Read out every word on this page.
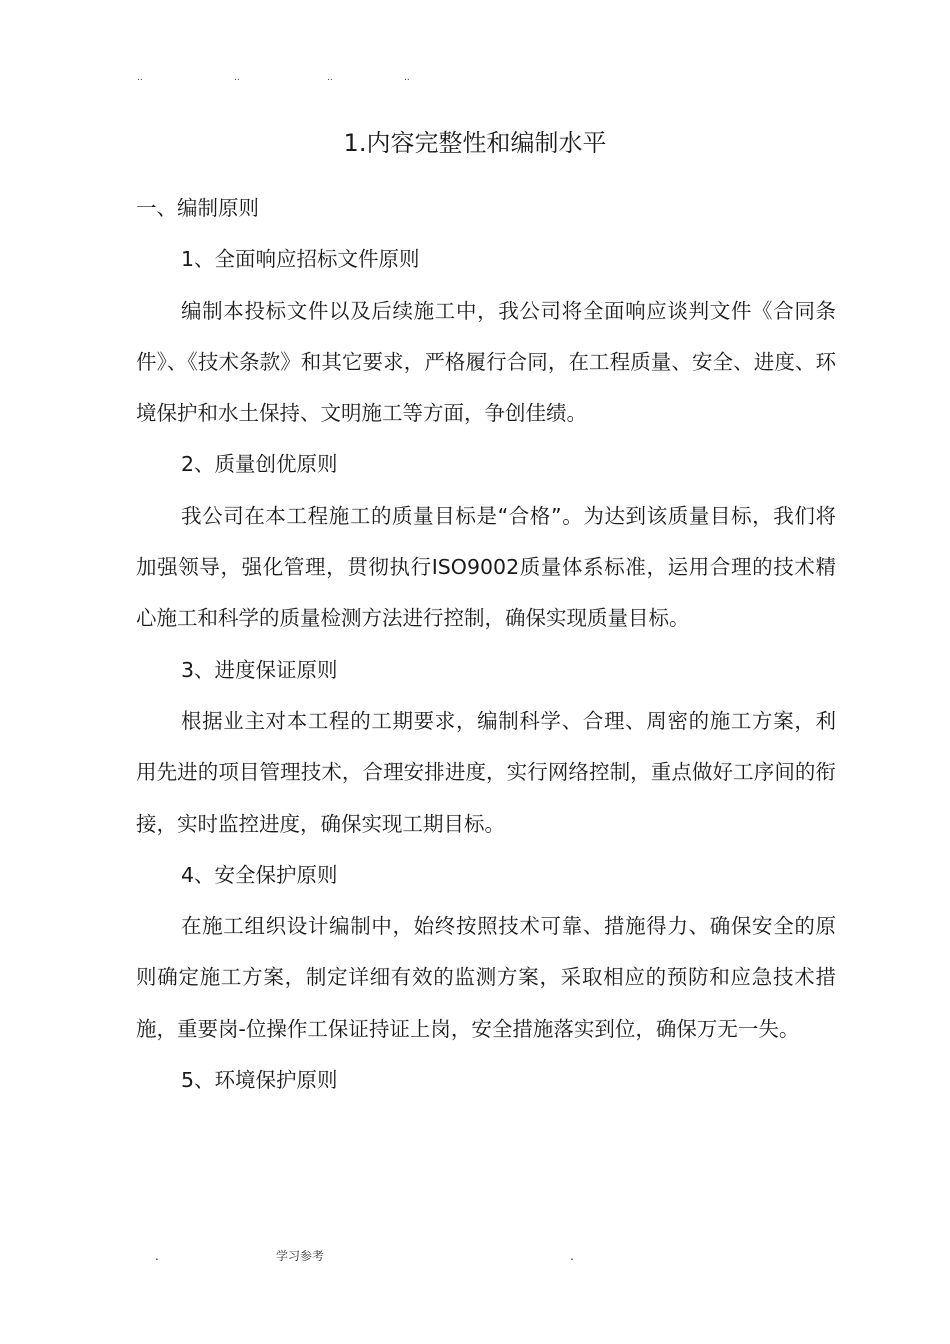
..	..	..	..
1.内容完整性和编制水平

一、编制原则

1、全面响应招标文件原则

编制本投标文件以及后续施工中，我公司将全面响应谈判文件《合同条件》、《技术条款》和其它要求，严格履行合同，在工程质量、安全、进度、环境保护和水土保持、文明施工等方面，争创佳绩。

2、质量创优原则

我公司在本工程施工的质量目标是“合格”。为达到该质量目标，我们将加强领导，强化管理，贯彻执行ISO9002质量体系标准，运用合理的技术精心施工和科学的质量检测方法进行控制，确保实现质量目标。

3、进度保证原则

根据业主对本工程的工期要求，编制科学、合理、周密的施工方案，利用先进的项目管理技术，合理安排进度，实行网络控制，重点做好工序间的衔接，实时监控进度，确保实现工期目标。

4、安全保护原则

在施工组织设计编制中，始终按照技术可靠、措施得力、确保安全的原则确定施工方案，制定详细有效的监测方案，采取相应的预防和应急技术措施，重要岗-位操作工保证持证上岗，安全措施落实到位，确保万无一失。

5、环境保护原则

.	学习参考	.
